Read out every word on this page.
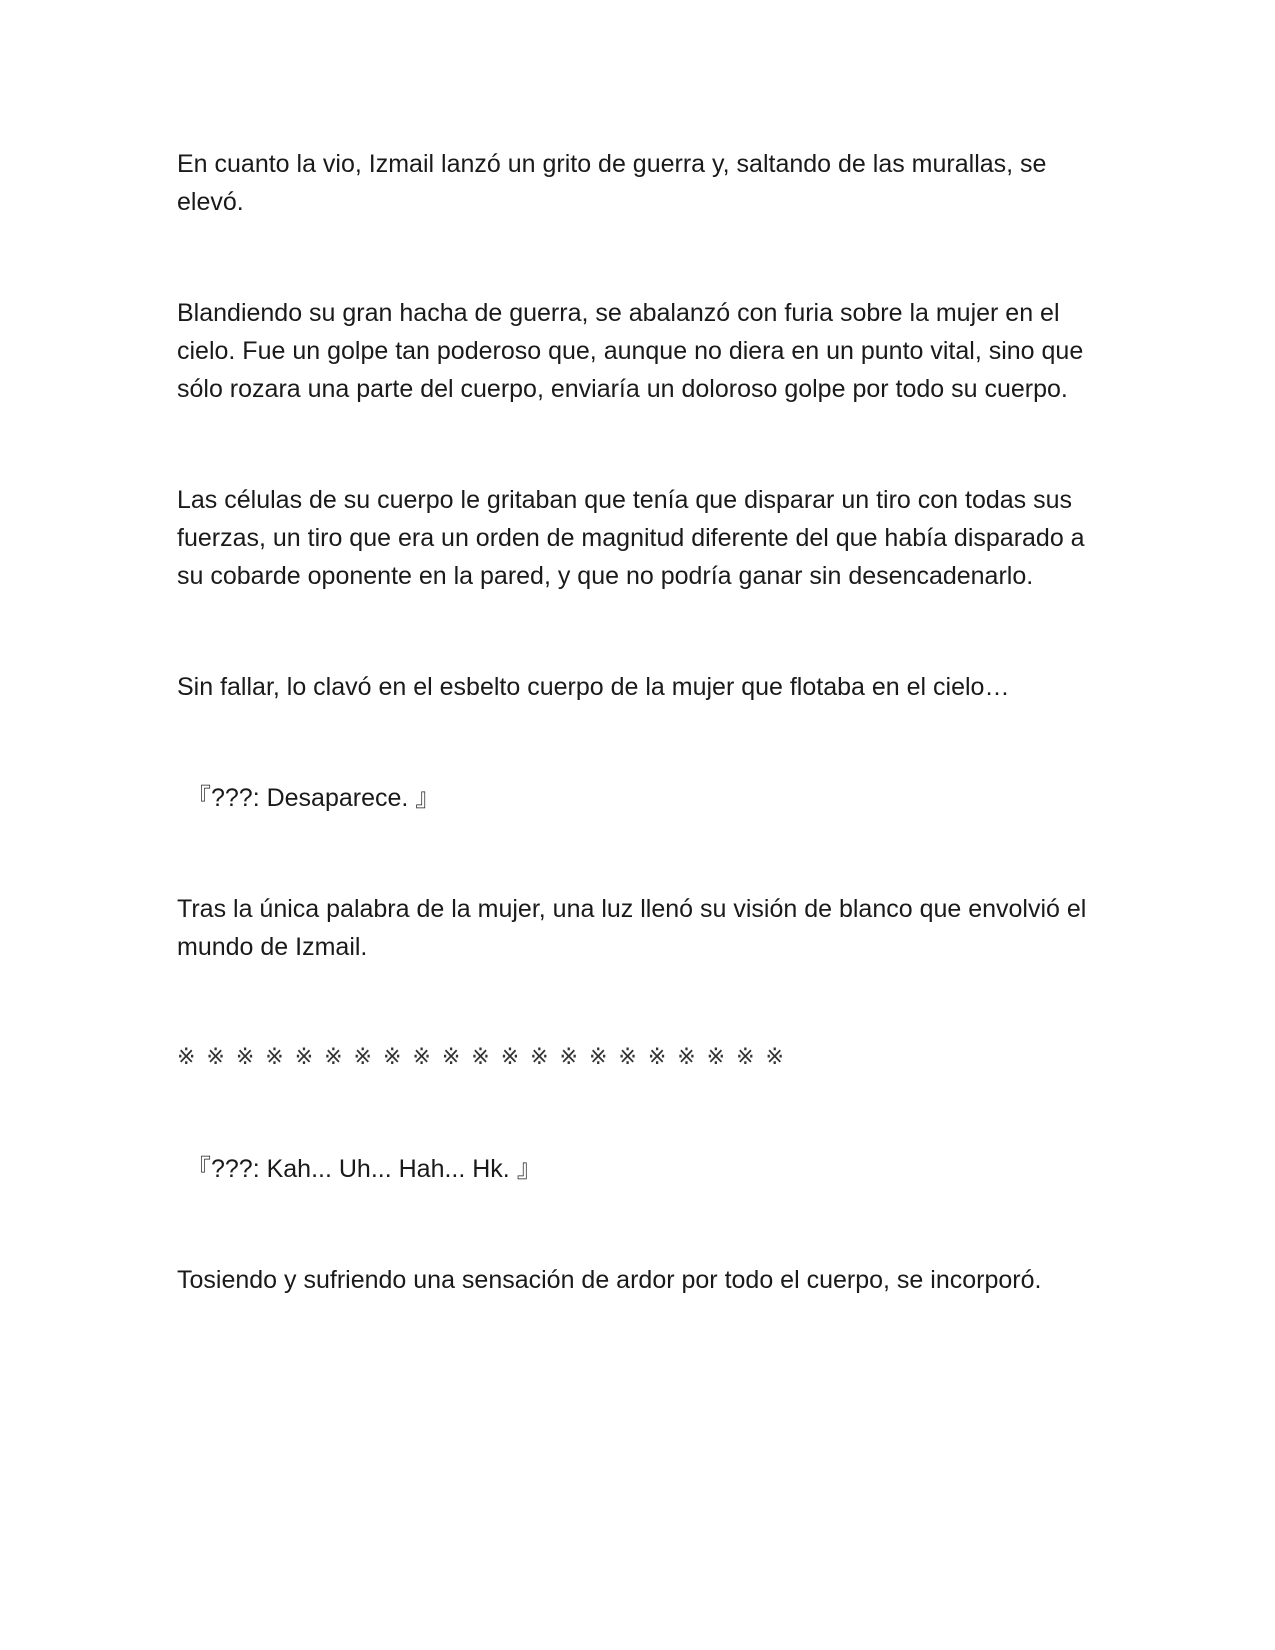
En cuanto la vio, Izmail lanzó un grito de guerra y, saltando de las murallas, se elevó.

Blandiendo su gran hacha de guerra, se abalanzó con furia sobre la mujer en el cielo. Fue un golpe tan poderoso que, aunque no diera en un punto vital, sino que sólo rozara una parte del cuerpo, enviaría un doloroso golpe por todo su cuerpo.

Las células de su cuerpo le gritaban que tenía que disparar un tiro con todas sus fuerzas, un tiro que era un orden de magnitud diferente del que había disparado a su cobarde oponente en la pared, y que no podría ganar sin desencadenarlo.

Sin fallar, lo clavó en el esbelto cuerpo de la mujer que flotaba en el cielo…

『???: Desaparece. 』

Tras la única palabra de la mujer, una luz llenó su visión de blanco que envolvió el mundo de Izmail.

※ ※ ※ ※ ※ ※ ※ ※ ※ ※ ※ ※ ※ ※ ※ ※ ※ ※ ※ ※ ※

『???: Kah... Uh... Hah... Hk. 』

Tosiendo y sufriendo una sensación de ardor por todo el cuerpo, se incorporó.
